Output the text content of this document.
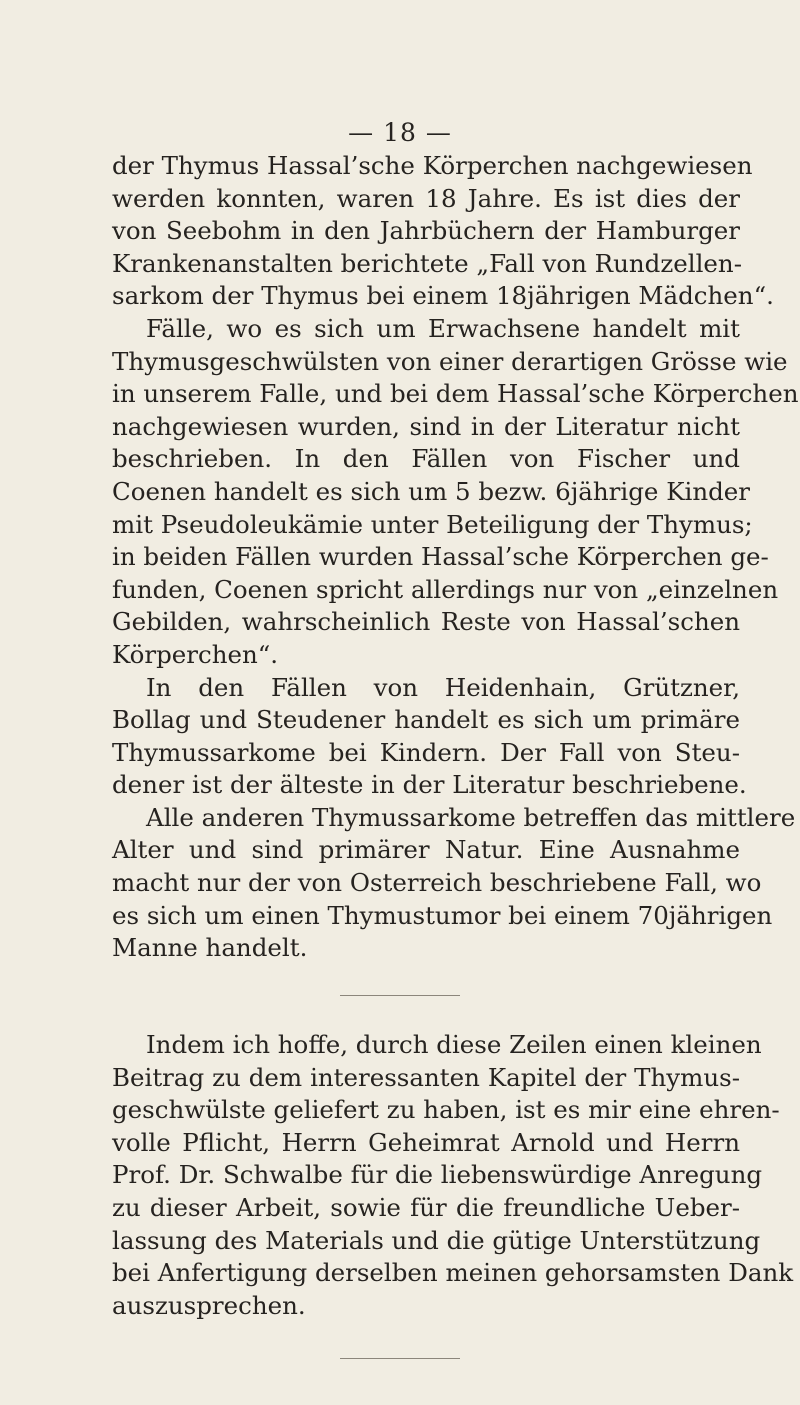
— 18 —
der Thymus Hassal’sche Körperchen nachgewiesen
werden konnten, waren 18 Jahre. Es ist dies der
von Seebohm in den Jahrbüchern der Hamburger
Krankenanstalten berichtete „Fall von Rundzellen-
sarkom der Thymus bei einem 18jährigen Mädchen“.
Fälle, wo es sich um Erwachsene handelt mit
Thymusgeschwülsten von einer derartigen Grösse wie
in unserem Falle, und bei dem Hassal’sche Körperchen
nachgewiesen wurden, sind in der Literatur nicht
beschrieben. In den Fällen von Fischer und
Coenen handelt es sich um 5 bezw. 6jährige Kinder
mit Pseudoleukämie unter Beteiligung der Thymus;
in beiden Fällen wurden Hassal’sche Körperchen ge-
funden, Coenen spricht allerdings nur von „einzelnen
Gebilden, wahrscheinlich Reste von Hassal’schen
Körperchen“.
In den Fällen von Heidenhain, Grützner,
Bollag und Steudener handelt es sich um primäre
Thymussarkome bei Kindern. Der Fall von Steu-
dener ist der älteste in der Literatur beschriebene.
Alle anderen Thymussarkome betreffen das mittlere
Alter und sind primärer Natur. Eine Ausnahme
macht nur der von Osterreich beschriebene Fall, wo
es sich um einen Thymustumor bei einem 70jährigen
Manne handelt.
Indem ich hoffe, durch diese Zeilen einen kleinen
Beitrag zu dem interessanten Kapitel der Thymus-
geschwülste geliefert zu haben, ist es mir eine ehren-
volle Pflicht, Herrn Geheimrat Arnold und Herrn
Prof. Dr. Schwalbe für die liebenswürdige Anregung
zu dieser Arbeit, sowie für die freundliche Ueber-
lassung des Materials und die gütige Unterstützung
bei Anfertigung derselben meinen gehorsamsten Dank
auszusprechen.
